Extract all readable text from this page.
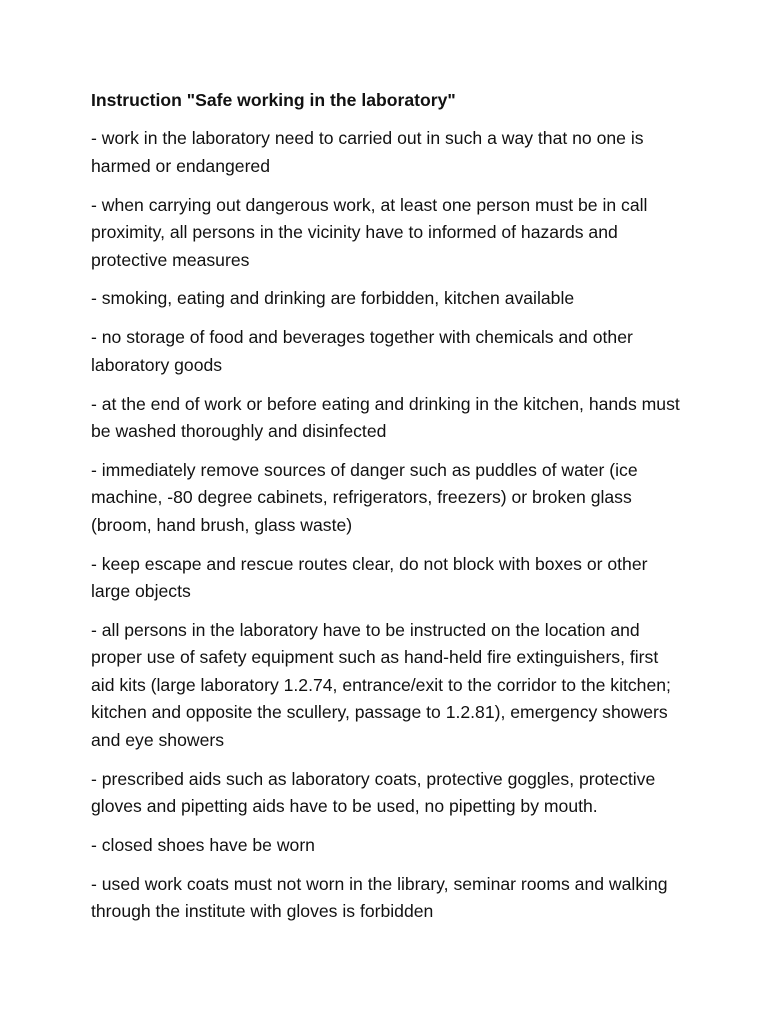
Instruction "Safe working in the laboratory"
- work in the laboratory need to carried out in such a way that no one is harmed or endangered
- when carrying out dangerous work, at least one person must be in call proximity, all persons in the vicinity have to informed of hazards and protective measures
- smoking, eating and drinking are forbidden, kitchen available
- no storage of food and beverages together with chemicals and other laboratory goods
- at the end of work or before eating and drinking in the kitchen, hands must be washed thoroughly and disinfected
- immediately remove sources of danger such as puddles of water (ice machine, -80 degree cabinets, refrigerators, freezers) or broken glass (broom, hand brush, glass waste)
- keep escape and rescue routes clear, do not block with boxes or other large objects
- all persons in the laboratory have to be instructed on the location and proper use of safety equipment such as hand-held fire extinguishers, first aid kits (large laboratory 1.2.74, entrance/exit to the corridor to the kitchen; kitchen and opposite the scullery, passage to 1.2.81), emergency showers and eye showers
- prescribed aids such as laboratory coats, protective goggles, protective gloves and pipetting aids have to be used, no pipetting by mouth.
- closed shoes have be worn
- used work coats must not worn in the library, seminar rooms and walking through the institute with gloves is forbidden
